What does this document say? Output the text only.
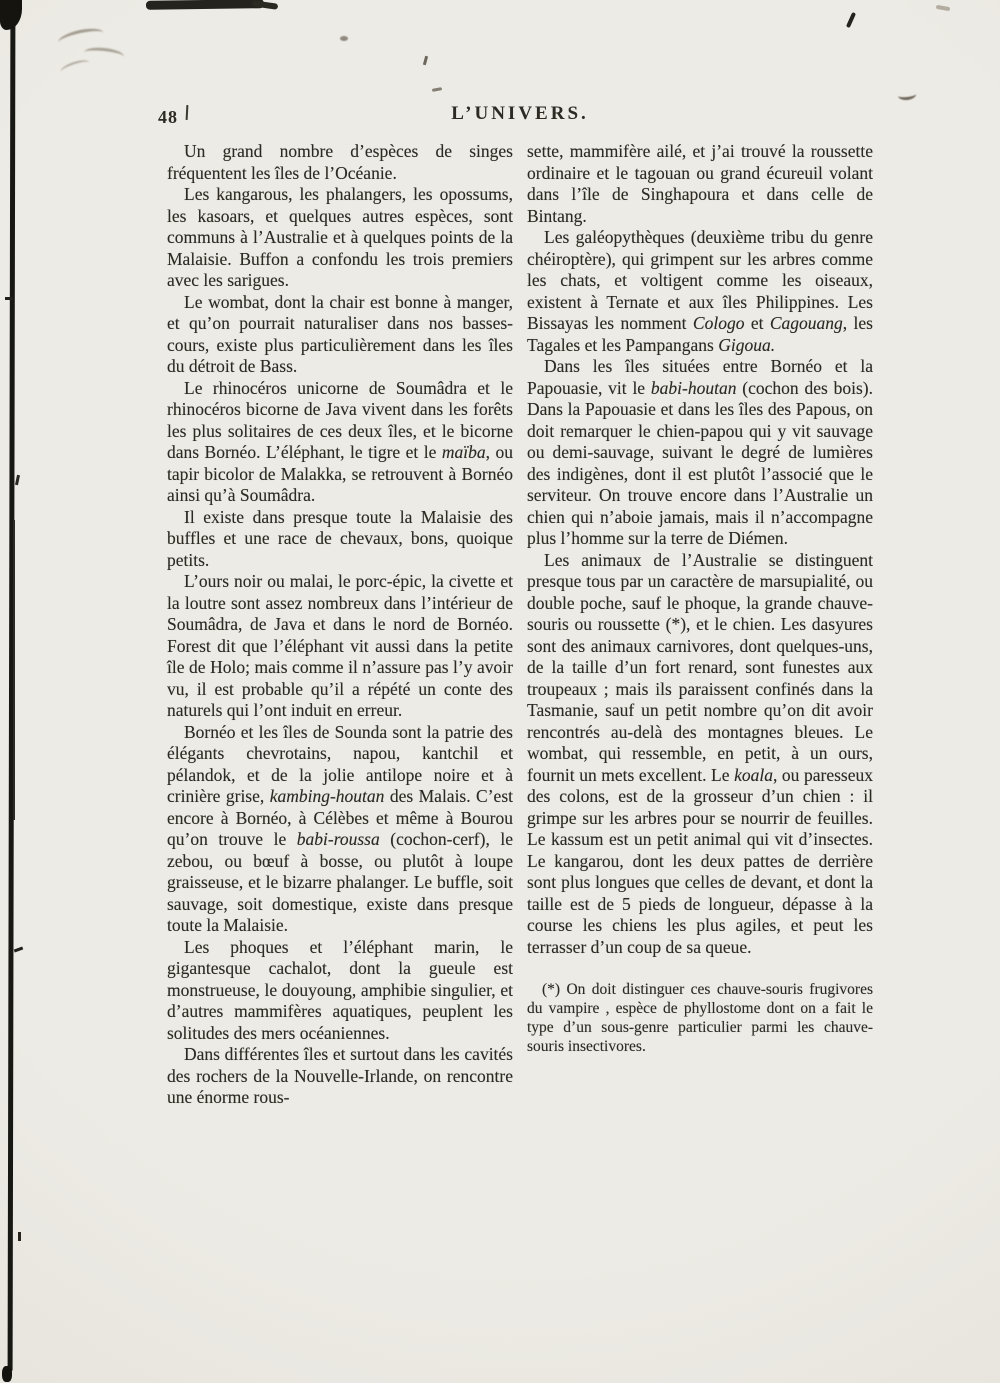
48	L’UNIVERS.

Un grand nombre d’espèces de singes fréquentent les îles de l’Océanie.

Les kangarous, les phalangers, les opossums, les kasoars, et quelques autres espèces, sont communs à l’Australie et à quelques points de la Malaisie. Buffon a confondu les trois premiers avec les sarigues.

Le wombat, dont la chair est bonne à manger, et qu’on pourrait naturaliser dans nos basses-cours, existe plus particulièrement dans les îles du détroit de Bass.

Le rhinocéros unicorne de Soumâdra et le rhinocéros bicorne de Java vivent dans les forêts les plus solitaires de ces deux îles, et le bicorne dans Bornéo. L’éléphant, le tigre et le maïba, ou tapir bicolor de Malakka, se retrouvent à Bornéo ainsi qu’à Soumâdra.

Il existe dans presque toute la Malaisie des buffles et une race de chevaux, bons, quoique petits.

L’ours noir ou malai, le porc-épic, la civette et la loutre sont assez nombreux dans l’intérieur de Soumâdra, de Java et dans le nord de Bornéo. Forest dit que l’éléphant vit aussi dans la petite île de Holo; mais comme il n’assure pas l’y avoir vu, il est probable qu’il a répété un conte des naturels qui l’ont induit en erreur.

Bornéo et les îles de Sounda sont la patrie des élégants chevrotains, napou, kantchil et pélandok, et de la jolie antilope noire et à crinière grise, kambing-houtan des Malais. C’est encore à Bornéo, à Célèbes et même à Bourou qu’on trouve le babi-roussa (cochon-cerf), le zebou, ou bœuf à bosse, ou plutôt à loupe graisseuse, et le bizarre phalanger. Le buffle, soit sauvage, soit domestique, existe dans presque toute la Malaisie.

Les phoques et l’éléphant marin, le gigantesque cachalot, dont la gueule est monstrueuse, le douyoung, amphibie singulier, et d’autres mammifères aquatiques, peuplent les solitudes des mers océaniennes.

Dans différentes îles et surtout dans les cavités des rochers de la Nouvelle-Irlande, on rencontre une énorme rous-

sette, mammifère ailé, et j’ai trouvé la roussette ordinaire et le tagouan ou grand écureuil volant dans l’île de Singhapoura et dans celle de Bintang.

Les galéopythèques (deuxième tribu du genre chéiroptère), qui grimpent sur les arbres comme les chats, et voltigent comme les oiseaux, existent à Ternate et aux îles Philippines. Les Bissayas les nomment Cologo et Cagouang, les Tagales et les Pampangans Gigoua.

Dans les îles situées entre Bornéo et la Papouasie, vit le babi-houtan (cochon des bois). Dans la Papouasie et dans les îles des Papous, on doit remarquer le chien-papou qui y vit sauvage ou demi-sauvage, suivant le degré de lumières des indigènes, dont il est plutôt l’associé que le serviteur. On trouve encore dans l’Australie un chien qui n’aboie jamais, mais il n’accompagne plus l’homme sur la terre de Diémen.

Les animaux de l’Australie se distinguent presque tous par un caractère de marsupialité, ou double poche, sauf le phoque, la grande chauve-souris ou roussette (*), et le chien. Les dasyures sont des animaux carnivores, dont quelques-uns, de la taille d’un fort renard, sont funestes aux troupeaux ; mais ils paraissent confinés dans la Tasmanie, sauf un petit nombre qu’on dit avoir rencontrés au-delà des montagnes bleues. Le wombat, qui ressemble, en petit, à un ours, fournit un mets excellent. Le koala, ou paresseux des colons, est de la grosseur d’un chien : il grimpe sur les arbres pour se nourrir de feuilles. Le kassum est un petit animal qui vit d’insectes. Le kangarou, dont les deux pattes de derrière sont plus longues que celles de devant, et dont la taille est de 5 pieds de longueur, dépasse à la course les chiens les plus agiles, et peut les terrasser d’un coup de sa queue.

(*) On doit distinguer ces chauve-souris frugivores du vampire , espèce de phyllostome dont on a fait le type d’un sous-genre particulier parmi les chauve-souris insectivores.
